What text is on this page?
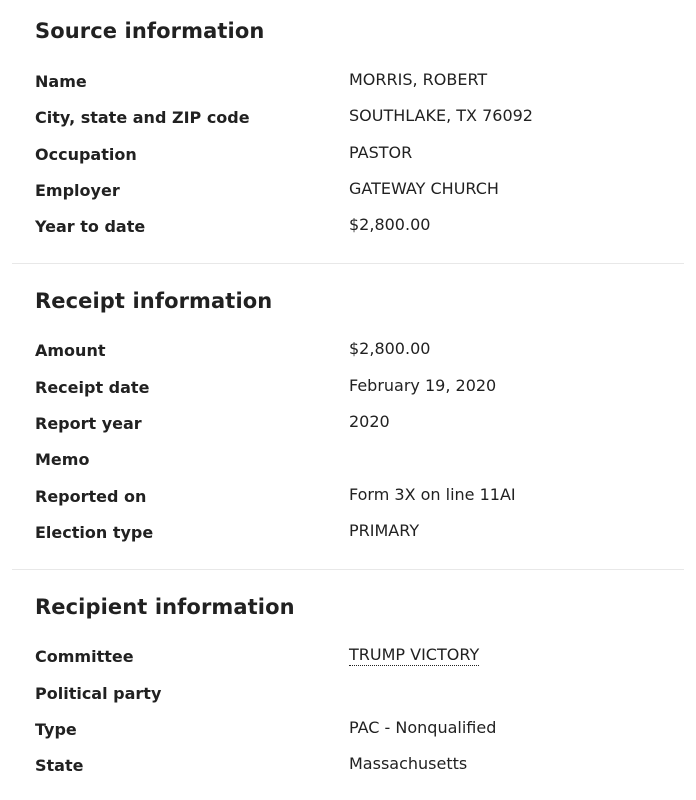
Source information
Name	MORRIS, ROBERT
City, state and ZIP code	SOUTHLAKE, TX 76092
Occupation	PASTOR
Employer	GATEWAY CHURCH
Year to date	$2,800.00
Receipt information
Amount	$2,800.00
Receipt date	February 19, 2020
Report year	2020
Memo
Reported on	Form 3X on line 11AI
Election type	PRIMARY
Recipient information
Committee	TRUMP VICTORY
Political party
Type	PAC - Nonqualified
State	Massachusetts
